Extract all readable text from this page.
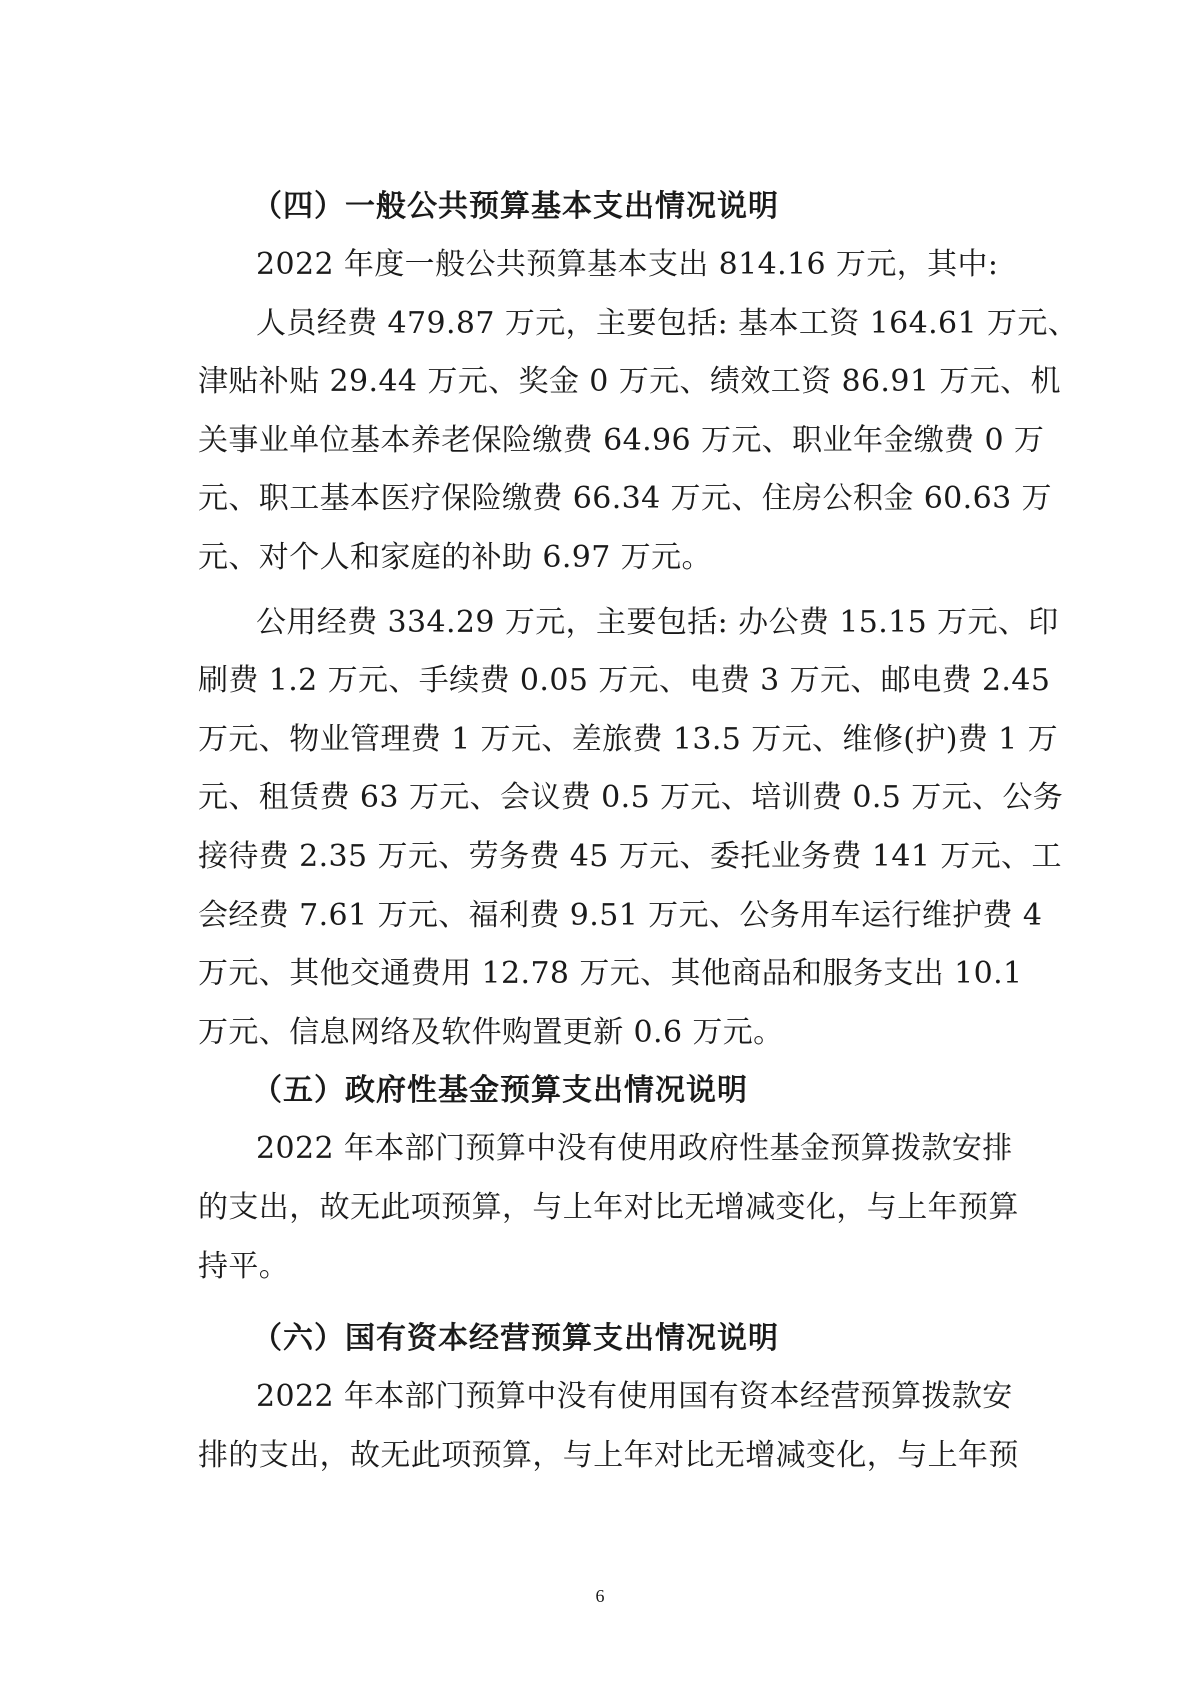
（四）一般公共预算基本支出情况说明

2022 年度一般公共预算基本支出 814.16 万元，其中:

人员经费 479.87 万元，主要包括: 基本工资 164.61 万元、
津贴补贴 29.44 万元、奖金 0 万元、绩效工资 86.91 万元、机
关事业单位基本养老保险缴费 64.96 万元、职业年金缴费 0 万
元、职工基本医疗保险缴费 66.34 万元、住房公积金 60.63 万
元、对个人和家庭的补助 6.97 万元。

公用经费 334.29 万元，主要包括: 办公费 15.15 万元、印
刷费 1.2 万元、手续费 0.05 万元、电费 3 万元、邮电费 2.45
万元、物业管理费 1 万元、差旅费 13.5 万元、维修(护)费 1 万
元、租赁费 63 万元、会议费 0.5 万元、培训费 0.5 万元、公务
接待费 2.35 万元、劳务费 45 万元、委托业务费 141 万元、工
会经费 7.61 万元、福利费 9.51 万元、公务用车运行维护费 4
万元、其他交通费用 12.78 万元、其他商品和服务支出 10.1
万元、信息网络及软件购置更新 0.6 万元。

（五）政府性基金预算支出情况说明

2022 年本部门预算中没有使用政府性基金预算拨款安排
的支出，故无此项预算，与上年对比无增减变化，与上年预算
持平。

（六）国有资本经营预算支出情况说明

2022 年本部门预算中没有使用国有资本经营预算拨款安
排的支出，故无此项预算，与上年对比无增减变化，与上年预

6
